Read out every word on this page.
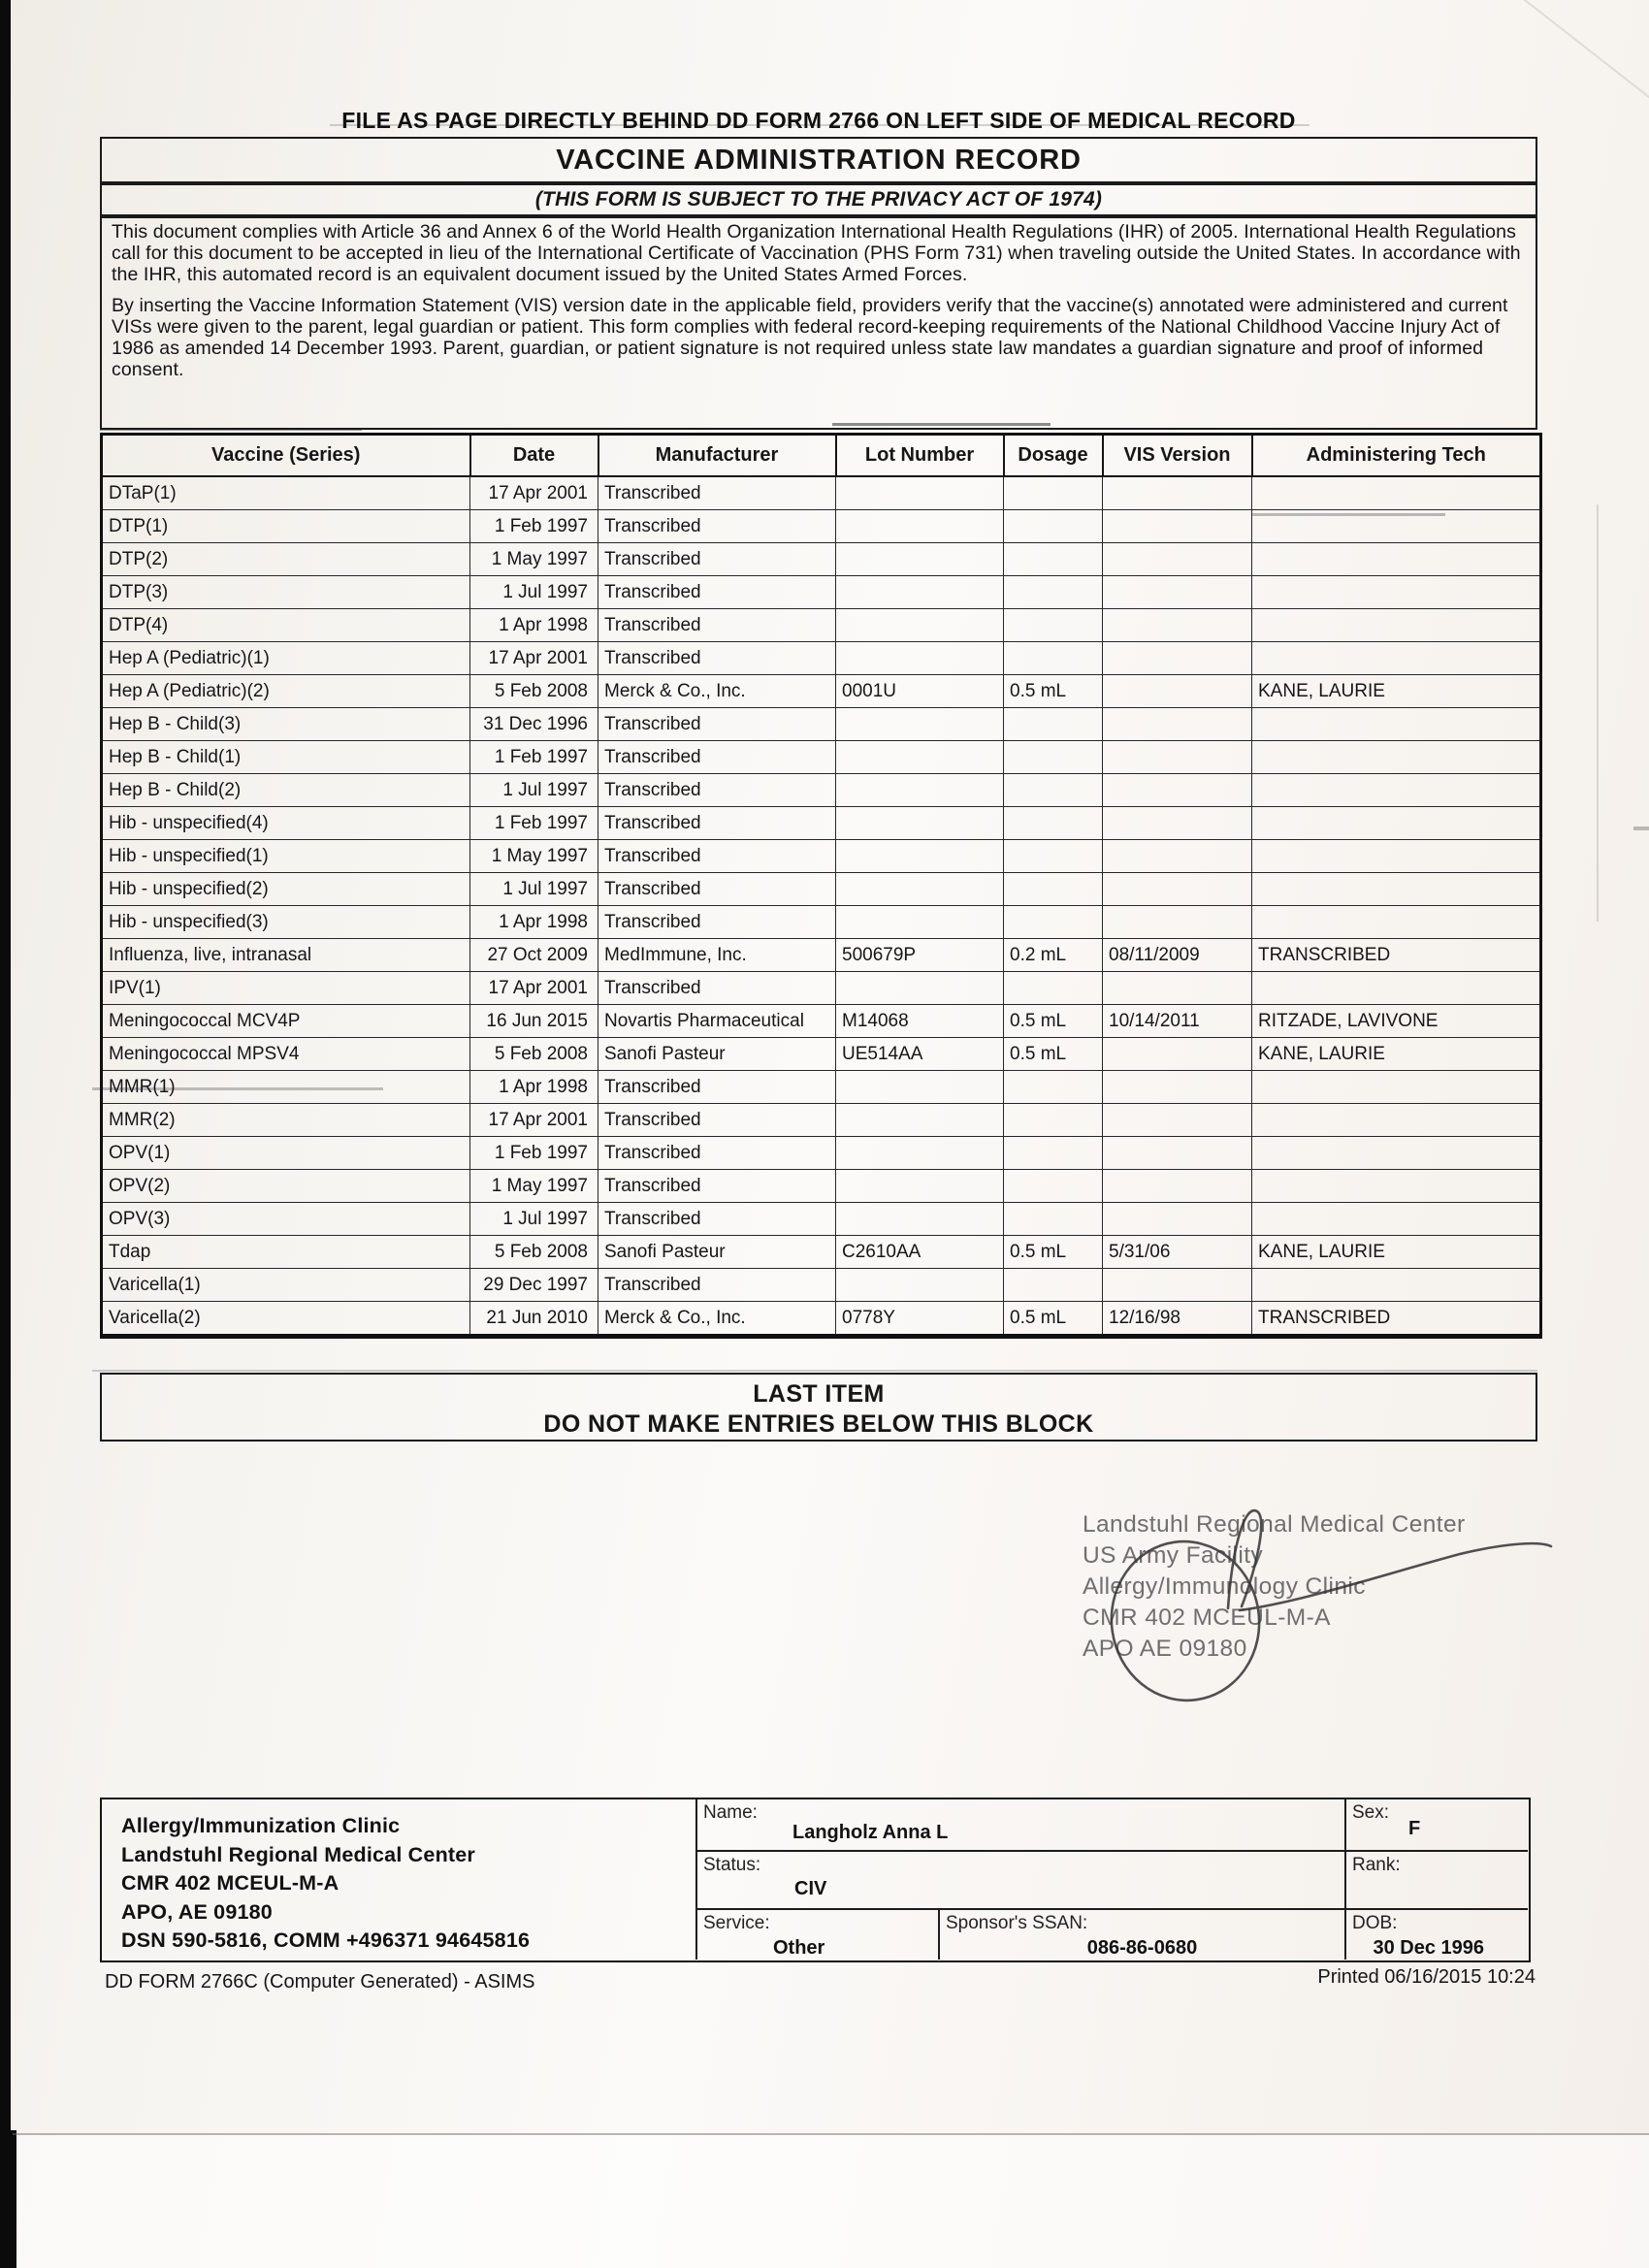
FILE AS PAGE DIRECTLY BEHIND DD FORM 2766 ON LEFT SIDE OF MEDICAL RECORD
VACCINE ADMINISTRATION RECORD
(THIS FORM IS SUBJECT TO THE PRIVACY ACT OF 1974)

This document complies with Article 36 and Annex 6 of the World Health Organization International Health Regulations (IHR) of 2005. International Health Regulations call for this document to be accepted in lieu of the International Certificate of Vaccination (PHS Form 731) when traveling outside the United States. In accordance with the IHR, this automated record is an equivalent document issued by the United States Armed Forces.

By inserting the Vaccine Information Statement (VIS) version date in the applicable field, providers verify that the vaccine(s) annotated were administered and current VISs were given to the parent, legal guardian or patient. This form complies with federal record-keeping requirements of the National Childhood Vaccine Injury Act of 1986 as amended 14 December 1993. Parent, guardian, or patient signature is not required unless state law mandates a guardian signature and proof of informed consent.

Vaccine (Series)	Date	Manufacturer	Lot Number	Dosage	VIS Version	Administering Tech
DTaP(1)	17 Apr 2001	Transcribed				
DTP(1)	1 Feb 1997	Transcribed				
DTP(2)	1 May 1997	Transcribed				
DTP(3)	1 Jul 1997	Transcribed				
DTP(4)	1 Apr 1998	Transcribed				
Hep A (Pediatric)(1)	17 Apr 2001	Transcribed				
Hep A (Pediatric)(2)	5 Feb 2008	Merck & Co., Inc.	0001U	0.5 mL		KANE, LAURIE
Hep B - Child(3)	31 Dec 1996	Transcribed				
Hep B - Child(1)	1 Feb 1997	Transcribed				
Hep B - Child(2)	1 Jul 1997	Transcribed				
Hib - unspecified(4)	1 Feb 1997	Transcribed				
Hib - unspecified(1)	1 May 1997	Transcribed				
Hib - unspecified(2)	1 Jul 1997	Transcribed				
Hib - unspecified(3)	1 Apr 1998	Transcribed				
Influenza, live, intranasal	27 Oct 2009	MedImmune, Inc.	500679P	0.2 mL	08/11/2009	TRANSCRIBED
IPV(1)	17 Apr 2001	Transcribed				
Meningococcal MCV4P	16 Jun 2015	Novartis Pharmaceutical	M14068	0.5 mL	10/14/2011	RITZADE, LAVIVONE
Meningococcal MPSV4	5 Feb 2008	Sanofi Pasteur	UE514AA	0.5 mL		KANE, LAURIE
MMR(1)	1 Apr 1998	Transcribed				
MMR(2)	17 Apr 2001	Transcribed				
OPV(1)	1 Feb 1997	Transcribed				
OPV(2)	1 May 1997	Transcribed				
OPV(3)	1 Jul 1997	Transcribed				
Tdap	5 Feb 2008	Sanofi Pasteur	C2610AA	0.5 mL	5/31/06	KANE, LAURIE
Varicella(1)	29 Dec 1997	Transcribed				
Varicella(2)	21 Jun 2010	Merck & Co., Inc.	0778Y	0.5 mL	12/16/98	TRANSCRIBED
LAST ITEM
DO NOT MAKE ENTRIES BELOW THIS BLOCK
Landstuhl Regional Medical Center
US Army Facility
Allergy/Immunology Clinic
CMR 402 MCEUL-M-A
APO AE 09180
Allergy/Immunization Clinic
Landstuhl Regional Medical Center
CMR 402 MCEUL-M-A
APO, AE 09180
DSN 590-5816, COMM +496371 94645816
Name:
Langholz Anna L
Sex:
F
Status:
CIV
Rank:
Service:
Other
Sponsor's SSAN:
086-86-0680
DOB:
30 Dec 1996
DD FORM 2766C (Computer Generated) - ASIMS	Printed 06/16/2015 10:24
